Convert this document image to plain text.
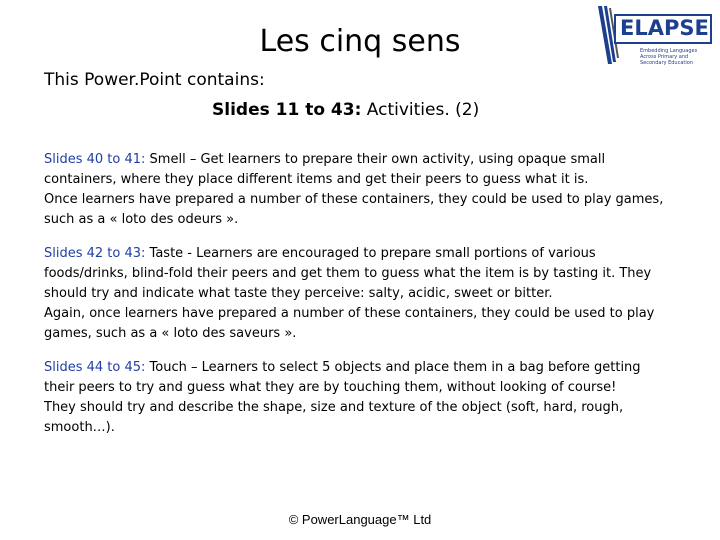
Les cinq sens	ELAPSE
Embedding Languages Across Primary and Secondary Education
This Power.Point contains:
Slides 11 to 43: Activities. (2)
Slides 40 to 41: Smell – Get learners to prepare their own activity, using opaque small
containers, where they place different items and get their peers to guess what it is.
Once learners have prepared a number of these containers, they could be used to play games,
such as a « loto des odeurs ».
Slides 42 to 43: Taste - Learners are encouraged to prepare small portions of various
foods/drinks, blind-fold their peers and get them to guess what the item is by tasting it. They
should try and indicate what taste they perceive: salty, acidic, sweet or bitter.
Again, once learners have prepared a number of these containers, they could be used to play
games, such as a « loto des saveurs ».
Slides 44 to 45: Touch – Learners to select 5 objects and place them in a bag before getting
their peers to try and guess what they are by touching them, without looking of course!
They should try and describe the shape, size and texture of the object (soft, hard, rough,
smooth…).
© PowerLanguage™ Ltd
